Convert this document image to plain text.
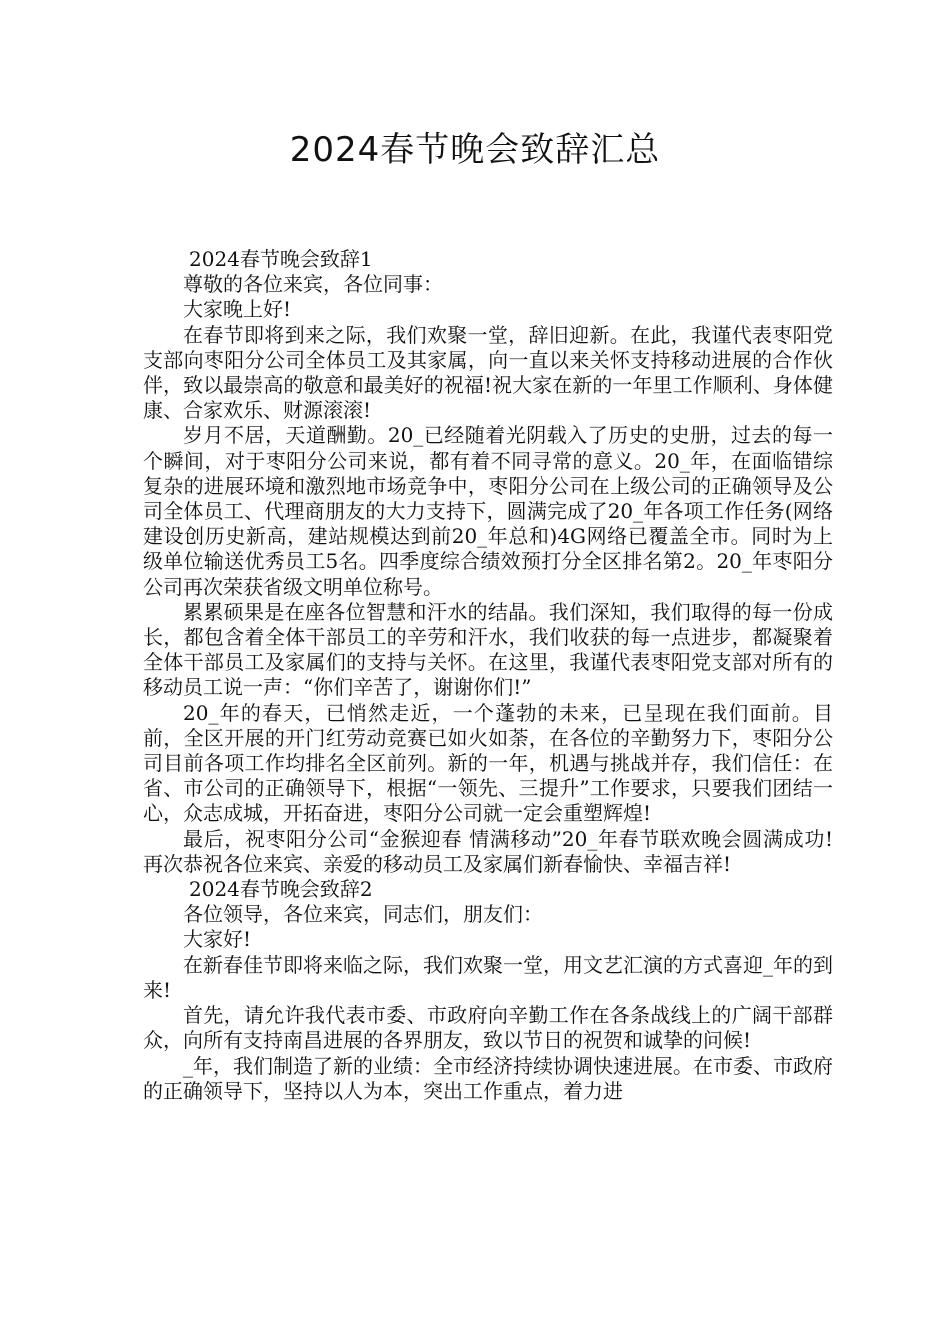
2024春节晚会致辞汇总

2024春节晚会致辞1

尊敬的各位来宾，各位同事：

大家晚上好!

在春节即将到来之际，我们欢聚一堂，辞旧迎新。在此，我谨代表枣阳党支部向枣阳分公司全体员工及其家属，向一直以来关怀支持移动进展的合作伙伴，致以最崇高的敬意和最美好的祝福!祝大家在新的一年里工作顺利、身体健康、合家欢乐、财源滚滚!

岁月不居，天道酬勤。20_已经随着光阴载入了历史的史册，过去的每一个瞬间，对于枣阳分公司来说，都有着不同寻常的意义。20_年，在面临错综复杂的进展环境和激烈地市场竞争中，枣阳分公司在上级公司的正确领导及公司全体员工、代理商朋友的大力支持下，圆满完成了20_年各项工作任务(网络建设创历史新高，建站规模达到前20_年总和)4G网络已覆盖全市。同时为上级单位输送优秀员工5名。四季度综合绩效预打分全区排名第2。20_年枣阳分公司再次荣获省级文明单位称号。

累累硕果是在座各位智慧和汗水的结晶。我们深知，我们取得的每一份成长，都包含着全体干部员工的辛劳和汗水，我们收获的每一点进步，都凝聚着全体干部员工及家属们的支持与关怀。在这里，我谨代表枣阳党支部对所有的移动员工说一声：“你们辛苦了，谢谢你们!”

20_年的春天，已悄然走近，一个蓬勃的未来，已呈现在我们面前。目前，全区开展的开门红劳动竞赛已如火如荼，在各位的辛勤努力下，枣阳分公司目前各项工作均排名全区前列。新的一年，机遇与挑战并存，我们信任：在省、市公司的正确领导下，根据“一领先、三提升”工作要求，只要我们团结一心，众志成城，开拓奋进，枣阳分公司就一定会重塑辉煌!

最后，祝枣阳分公司“金猴迎春 情满移动”20_年春节联欢晚会圆满成功!再次恭祝各位来宾、亲爱的移动员工及家属们新春愉快、幸福吉祥!

2024春节晚会致辞2

各位领导，各位来宾，同志们，朋友们：

大家好!

在新春佳节即将来临之际，我们欢聚一堂，用文艺汇演的方式喜迎_年的到来!

首先，请允许我代表市委、市政府向辛勤工作在各条战线上的广阔干部群众，向所有支持南昌进展的各界朋友，致以节日的祝贺和诚挚的问候!

_年，我们制造了新的业绩：全市经济持续协调快速进展。在市委、市政府的正确领导下，坚持以人为本，突出工作重点，着力进
